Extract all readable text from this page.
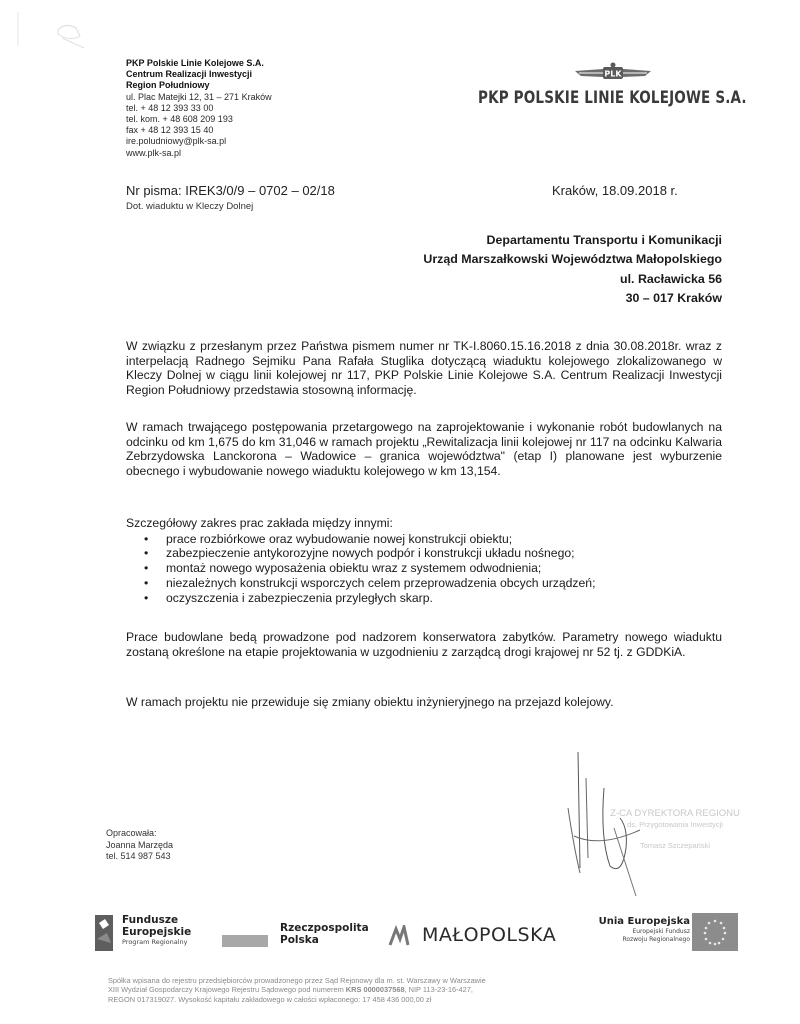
PKP Polskie Linie Kolejowe S.A.
Centrum Realizacji Inwestycji
Region Południowy
ul. Plac Matejki 12, 31 – 271 Kraków
tel. + 48 12 393 33 00
tel. kom. + 48 608 209 193
fax + 48 12 393 15 40
ire.poludniowy@plk-sa.pl
www.plk-sa.pl
PLK
PKP POLSKIE LINIE KOLEJOWE S.A.
Nr pisma: IREK3/0/9 – 0702 – 02/18
Dot. wiaduktu w Kleczy Dolnej
Kraków, 18.09.2018 r.
Departamentu Transportu i Komunikacji
Urząd Marszałkowski Województwa Małopolskiego
ul. Racławicka 56
30 – 017 Kraków
W związku z przesłanym przez Państwa pismem numer nr TK-I.8060.15.16.2018 z dnia 30.08.2018r. wraz z interpelacją Radnego Sejmiku Pana Rafała Stuglika dotyczącą wiaduktu kolejowego zlokalizowanego w Kleczy Dolnej w ciągu linii kolejowej nr 117, PKP Polskie Linie Kolejowe S.A. Centrum Realizacji Inwestycji Region Południowy przedstawia stosowną informację.
W ramach trwającego postępowania przetargowego na zaprojektowanie i wykonanie robót budowlanych na odcinku od km 1,675 do km 31,046 w ramach projektu „Rewitalizacja linii kolejowej nr 117 na odcinku Kalwaria Zebrzydowska Lanckorona – Wadowice – granica województwa" (etap I) planowane jest wyburzenie obecnego i wybudowanie nowego wiaduktu kolejowego w km 13,154.
Szczegółowy zakres prac zakłada między innymi:
• prace rozbiórkowe oraz wybudowanie nowej konstrukcji obiektu;
• zabezpieczenie antykorozyjne nowych podpór i konstrukcji układu nośnego;
• montaż nowego wyposażenia obiektu wraz z systemem odwodnienia;
• niezależnych konstrukcji wsporczych celem przeprowadzenia obcych urządzeń;
• oczyszczenia i zabezpieczenia przyległych skarp.
Prace budowlane bedą prowadzone pod nadzorem konserwatora zabytków. Parametry nowego wiaduktu zostaną określone na etapie projektowania w uzgodnieniu z zarządcą drogi krajowej nr 52 tj. z GDDKiA.
W ramach projektu nie przewiduje się zmiany obiektu inżynieryjnego na przejazd kolejowy.
Z-CA DYREKTORA REGIONU
ds. Przygotowania Inwestycji
Tomasz Szczepański
Opracowała:
Joanna Marzęda
tel. 514 987 543
Fundusze
Europejskie
Program Regionalny
Rzeczpospolita
Polska	MAŁOPOLSKA
Unia Europejska
Europejski Fundusz
Rozwoju Regionalnego
Spółka wpisana do rejestru przedsiębiorców prowadzonego przez Sąd Rejonowy dla m. st. Warszawy w Warszawie
XIII Wydział Gospodarczy Krajowego Rejestru Sądowego pod numerem KRS 0000037568, NIP 113-23-16-427,
REGON 017319027. Wysokość kapitału zakładowego w całości wpłaconego: 17 458 436 000,00 zł
